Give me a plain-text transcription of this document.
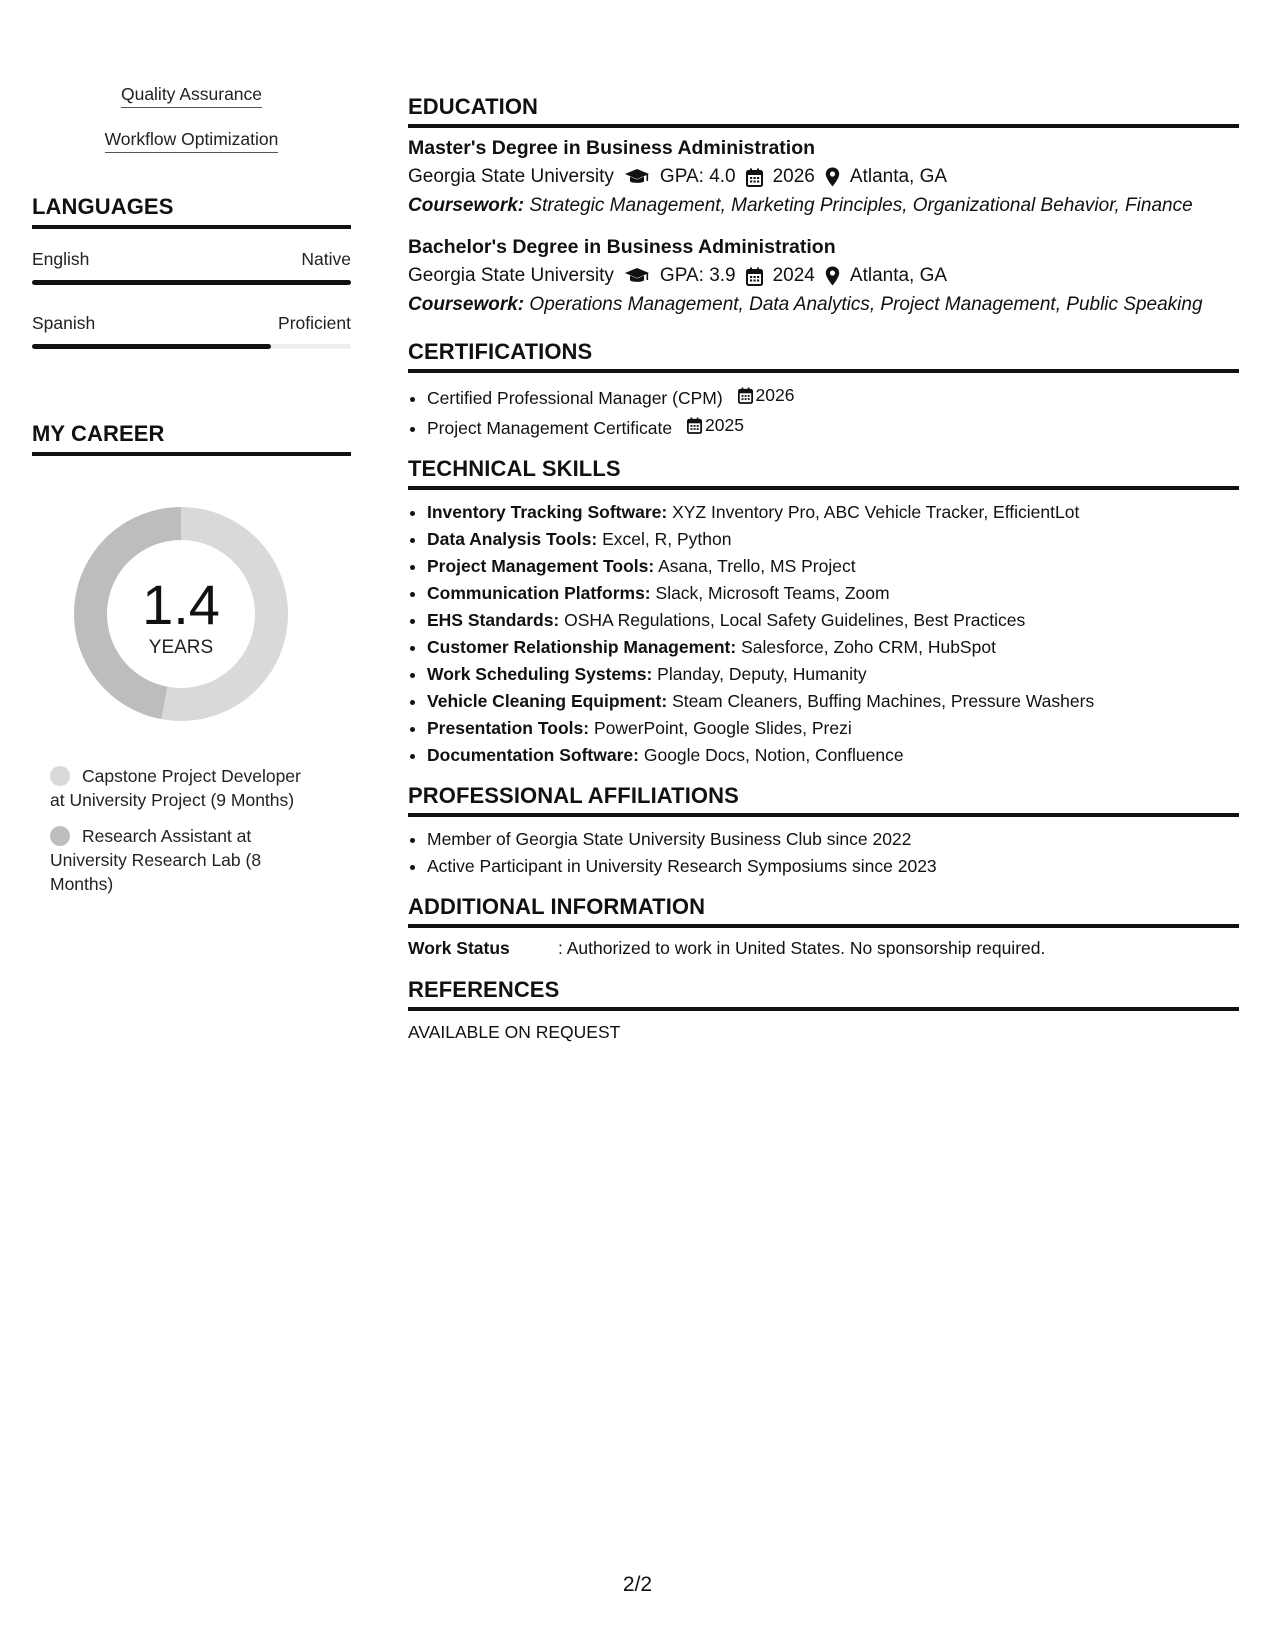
Quality Assurance
Workflow Optimization
LANGUAGES
English	Native
Spanish	Proficient
MY CAREER
1.4
YEARS
Capstone Project Developer at University Project (9 Months)
Research Assistant at University Research Lab (8 Months)
EDUCATION
Master's Degree in Business Administration
Georgia State University GPA: 4.0 2026 Atlanta, GA
Coursework: Strategic Management, Marketing Principles, Organizational Behavior, Finance
Bachelor's Degree in Business Administration
Georgia State University GPA: 3.9 2024 Atlanta, GA
Coursework: Operations Management, Data Analytics, Project Management, Public Speaking
CERTIFICATIONS
• Certified Professional Manager (CPM) 2026
• Project Management Certificate 2025
TECHNICAL SKILLS
• Inventory Tracking Software: XYZ Inventory Pro, ABC Vehicle Tracker, EfficientLot
• Data Analysis Tools: Excel, R, Python
• Project Management Tools: Asana, Trello, MS Project
• Communication Platforms: Slack, Microsoft Teams, Zoom
• EHS Standards: OSHA Regulations, Local Safety Guidelines, Best Practices
• Customer Relationship Management: Salesforce, Zoho CRM, HubSpot
• Work Scheduling Systems: Planday, Deputy, Humanity
• Vehicle Cleaning Equipment: Steam Cleaners, Buffing Machines, Pressure Washers
• Presentation Tools: PowerPoint, Google Slides, Prezi
• Documentation Software: Google Docs, Notion, Confluence
PROFESSIONAL AFFILIATIONS
• Member of Georgia State University Business Club since 2022
• Active Participant in University Research Symposiums since 2023
ADDITIONAL INFORMATION
Work Status	: Authorized to work in United States. No sponsorship required.
REFERENCES
AVAILABLE ON REQUEST
2/2
